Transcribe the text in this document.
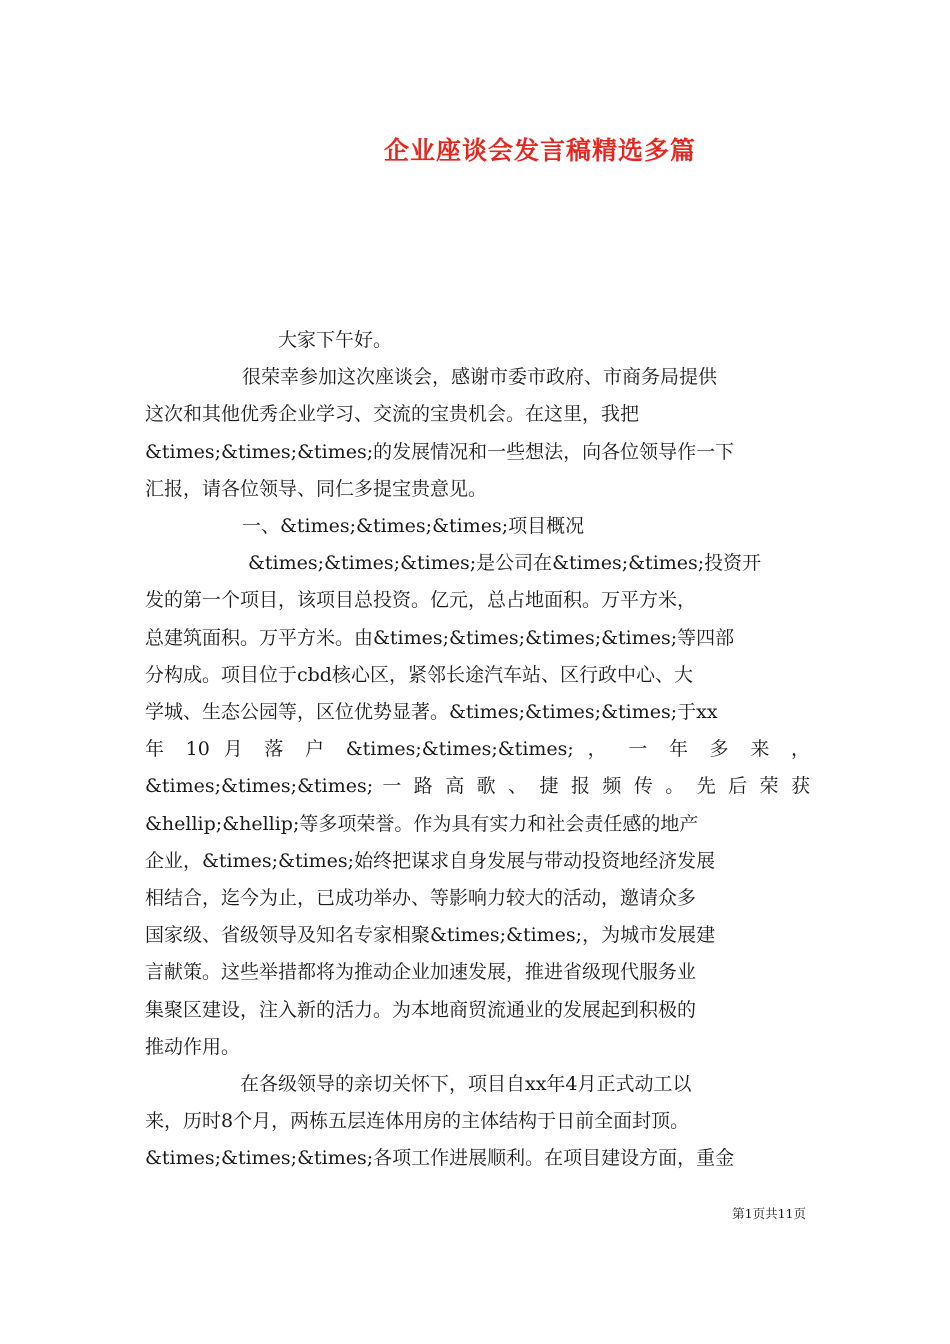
企业座谈会发言稿精选多篇

大家下午好。

很荣幸参加这次座谈会，感谢市委市政府、市商务局提供

这次和其他优秀企业学习、交流的宝贵机会。在这里，我把

&times;&times;&times;的发展情况和一些想法，向各位领导作一下

汇报，请各位领导、同仁多提宝贵意见。

一、&times;&times;&times;项目概况

&times;&times;&times;是公司在&times;&times;投资开

发的第一个项目，该项目总投资。亿元，总占地面积。万平方米，

总建筑面积。万平方米。由&times;&times;&times;&times;等四部

分构成。项目位于cbd核心区，紧邻长途汽车站、区行政中心、大

学城、生态公园等，区位优势显著。&times;&times;&times;于xx

年 10 月 落 户 &times;&times;&times; ， 一 年 多 来 ，

&times;&times;&times; 一 路 高 歌 、 捷 报 频 传 。 先 后 荣 获

&hellip;&hellip;等多项荣誉。作为具有实力和社会责任感的地产

企业，&times;&times;始终把谋求自身发展与带动投资地经济发展

相结合，迄今为止，已成功举办、等影响力较大的活动，邀请众多

国家级、省级领导及知名专家相聚&times;&times;，为城市发展建

言献策。这些举措都将为推动企业加速发展，推进省级现代服务业

集聚区建设，注入新的活力。为本地商贸流通业的发展起到积极的

推动作用。

在各级领导的亲切关怀下，项目自xx年4月正式动工以

来，历时8个月，两栋五层连体用房的主体结构于日前全面封顶。

&times;&times;&times;各项工作进展顺利。在项目建设方面，重金

第1页共11页
